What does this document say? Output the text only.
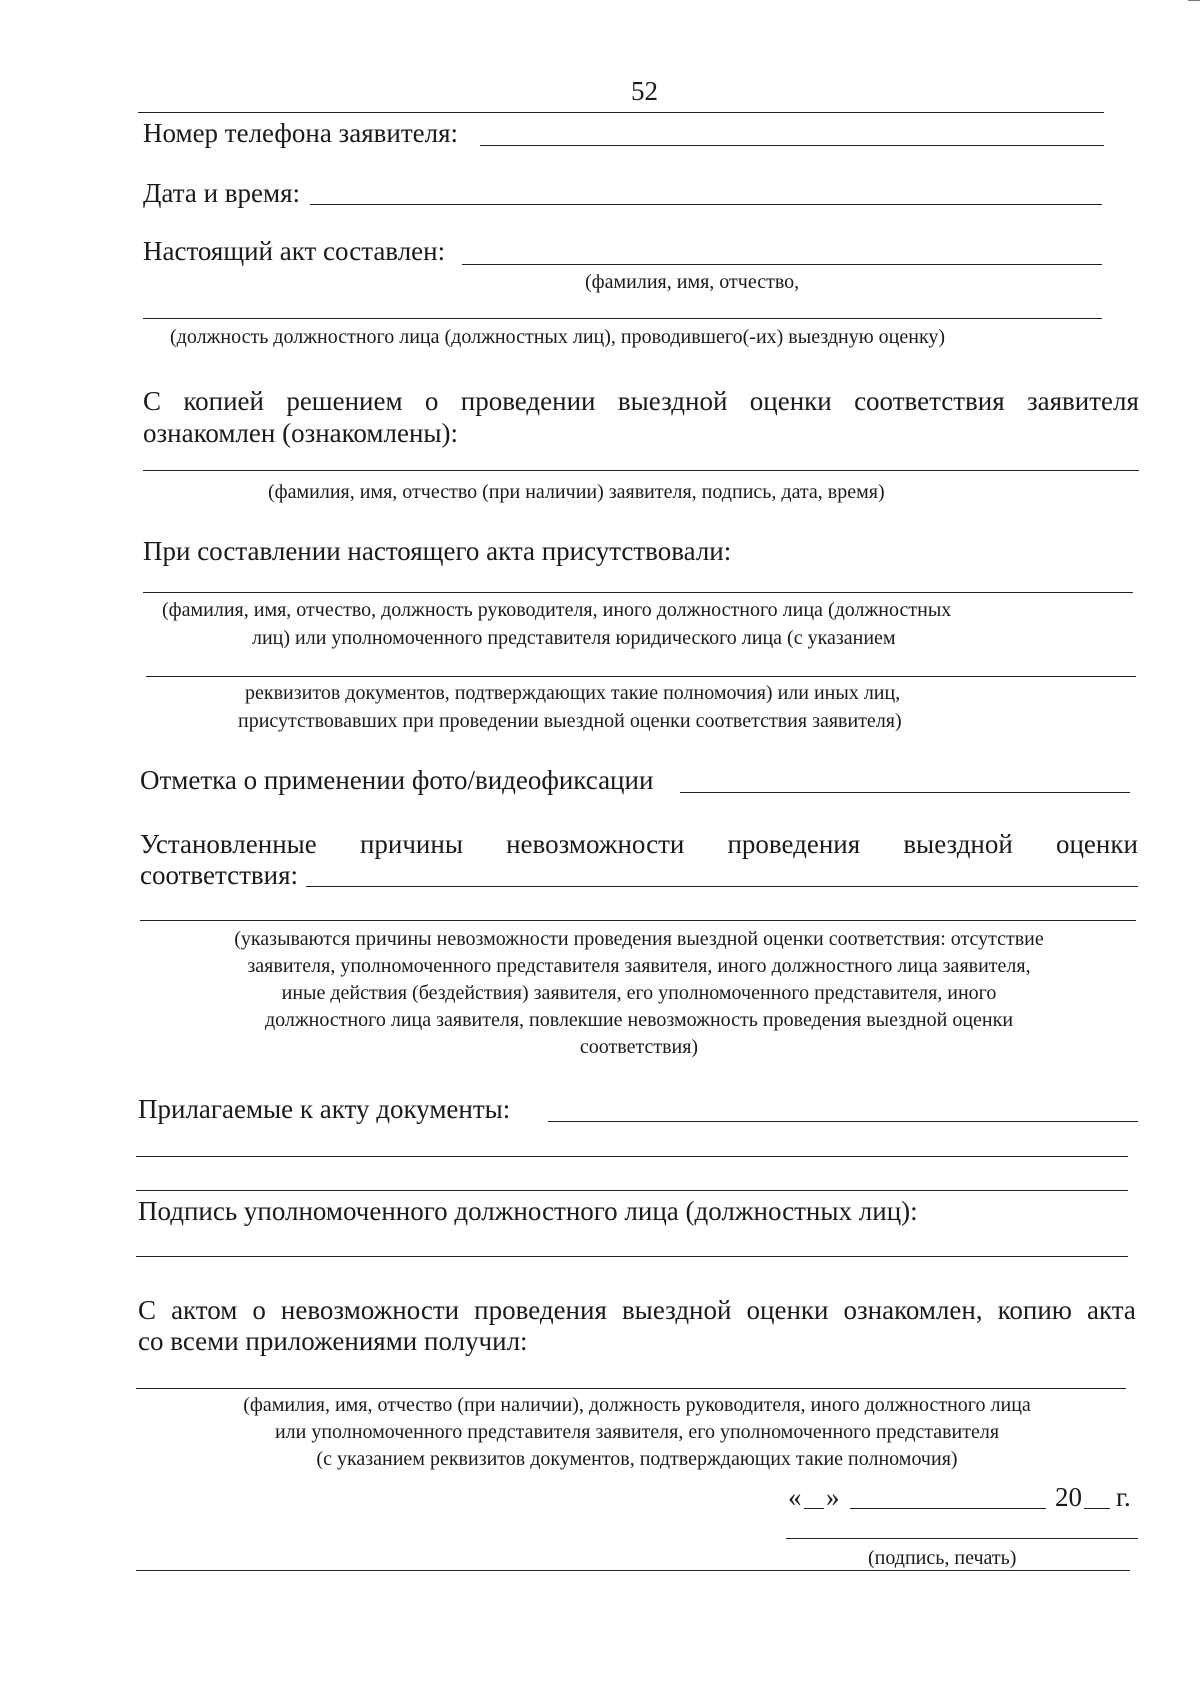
52
Номер телефона заявителя:
Дата и время:
Настоящий акт составлен:
(фамилия, имя, отчество,
(должность должностного лица (должностных лиц), проводившего(-их) выездную оценку)
С копией решением о проведении выездной оценки соответствия заявителя
ознакомлен (ознакомлены):
(фамилия, имя, отчество (при наличии) заявителя, подпись, дата, время)
При составлении настоящего акта присутствовали:
(фамилия, имя, отчество, должность руководителя, иного должностного лица (должностных
лиц) или уполномоченного представителя юридического лица (с указанием
реквизитов документов, подтверждающих такие полномочия) или иных лиц,
присутствовавших при проведении выездной оценки соответствия заявителя)
Отметка о применении фото/видеофиксации
Установленные причины невозможности проведения выездной оценки
соответствия:
(указываются причины невозможности проведения выездной оценки соответствия: отсутствие
заявителя, уполномоченного представителя заявителя, иного должностного лица заявителя,
иные действия (бездействия) заявителя, его уполномоченного представителя, иного
должностного лица заявителя, повлекшие невозможность проведения выездной оценки
соответствия)
Прилагаемые к акту документы:
Подпись уполномоченного должностного лица (должностных лиц):
С актом о невозможности проведения выездной оценки ознакомлен, копию акта
со всеми приложениями получил:
(фамилия, имя, отчество (при наличии), должность руководителя, иного должностного лица
или уполномоченного представителя заявителя, его уполномоченного представителя
(с указанием реквизитов документов, подтверждающих такие полномочия)
« »	20 г.
(подпись, печать)
